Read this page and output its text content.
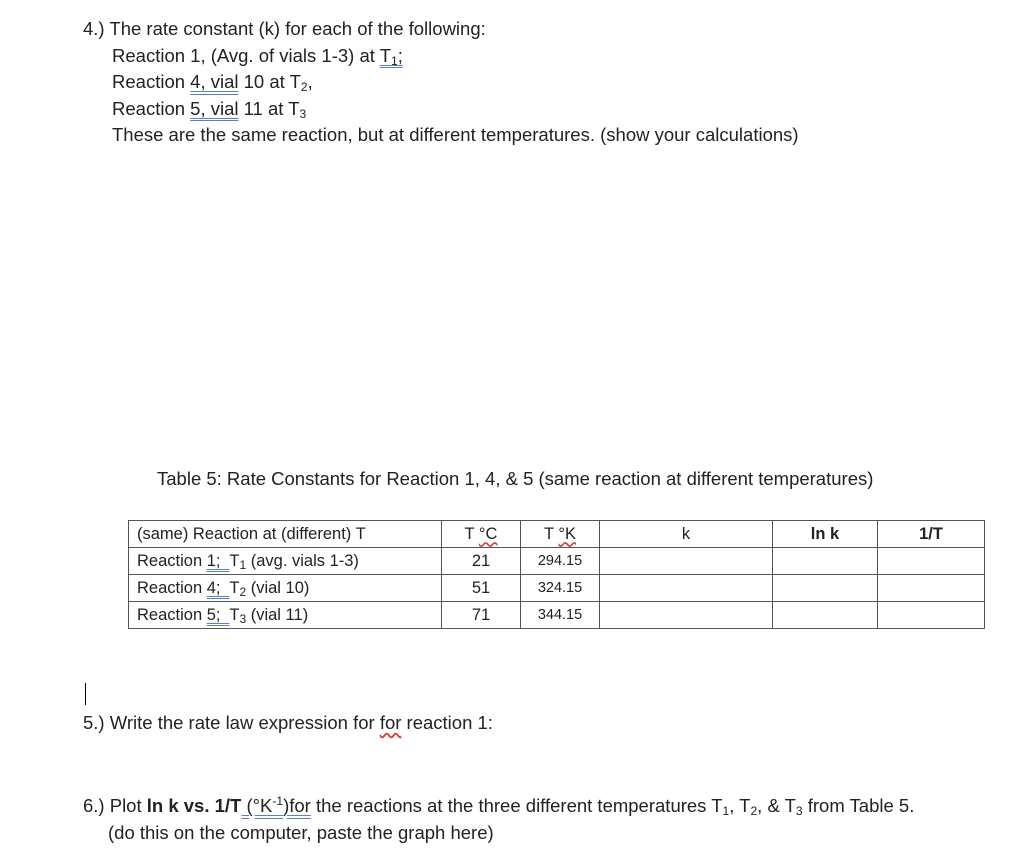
4.) The rate constant (k) for each of the following:
Reaction 1, (Avg. of vials 1-3) at $T_1$;
Reaction 4, vial 10 at $T_2$,
Reaction 5, vial 11 at $T_3$
These are the same reaction, but at different temperatures. (show your calculations)
Table 5: Rate Constants for Reaction 1, 4, & 5 (same reaction at different temperatures)
(same) Reaction at (different) T	T °C	T °K	k	ln k	1/T
Reaction 1; $T_1$ (avg. vials 1-3)	21	294.15			
Reaction 4; $T_2$ (vial 10)	51	324.15			
Reaction 5; $T_3$ (vial 11)	71	344.15			
5.) Write the rate law expression for for reaction 1:
6.) Plot ln k vs. 1/T $(^\circ K^{-1})for$ the reactions at the three different temperatures $T_1$, $T_2$, & $T_3$ from Table 5.
(do this on the computer, paste the graph here)
